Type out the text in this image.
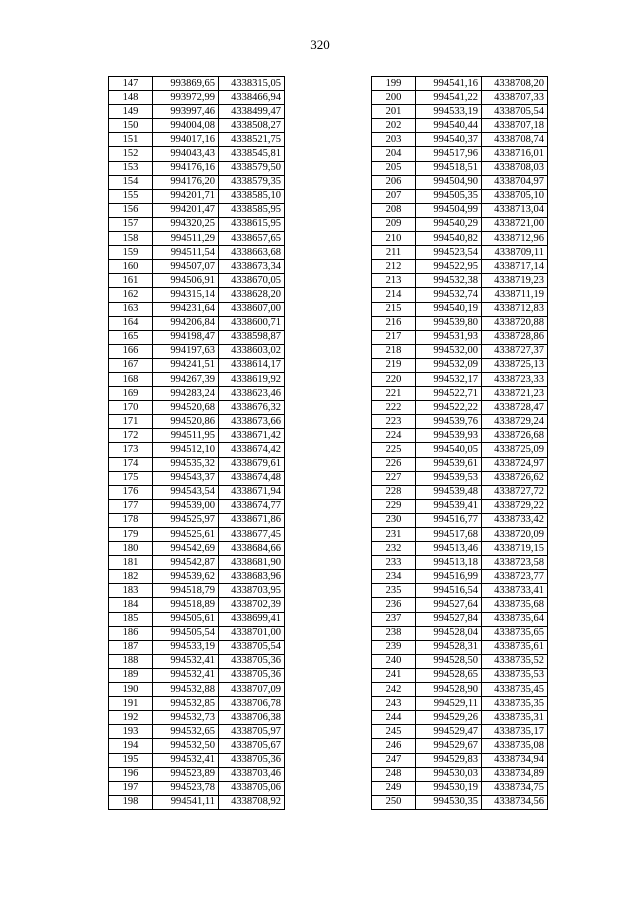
320
147	993869,65	4338315,05
148	993972,99	4338466,94
149	993997,46	4338499,47
150	994004,08	4338508,27
151	994017,16	4338521,75
152	994043,43	4338545,81
153	994176,16	4338579,50
154	994176,20	4338579,35
155	994201,71	4338585,10
156	994201,47	4338585,95
157	994320,25	4338615,95
158	994511,29	4338657,65
159	994511,54	4338663,68
160	994507,07	4338673,34
161	994506,91	4338670,05
162	994315,14	4338628,20
163	994231,64	4338607,00
164	994206,84	4338600,71
165	994198,47	4338598,87
166	994197,63	4338603,02
167	994241,51	4338614,17
168	994267,39	4338619,92
169	994283,24	4338623,46
170	994520,68	4338676,32
171	994520,86	4338673,66
172	994511,95	4338671,42
173	994512,10	4338674,42
174	994535,32	4338679,61
175	994543,37	4338674,48
176	994543,54	4338671,94
177	994539,00	4338674,77
178	994525,97	4338671,86
179	994525,61	4338677,45
180	994542,69	4338684,66
181	994542,87	4338681,90
182	994539,62	4338683,96
183	994518,79	4338703,95
184	994518,89	4338702,39
185	994505,61	4338699,41
186	994505,54	4338701,00
187	994533,19	4338705,54
188	994532,41	4338705,36
189	994532,41	4338705,36
190	994532,88	4338707,09
191	994532,85	4338706,78
192	994532,73	4338706,38
193	994532,65	4338705,97
194	994532,50	4338705,67
195	994532,41	4338705,36
196	994523,89	4338703,46
197	994523,78	4338705,06
198	994541,11	4338708,92
199	994541,16	4338708,20
200	994541,22	4338707,33
201	994533,19	4338705,54
202	994540,44	4338707,18
203	994540,37	4338708,74
204	994517,96	4338716,01
205	994518,51	4338708,03
206	994504,90	4338704,97
207	994505,35	4338705,10
208	994504,99	4338713,04
209	994540,29	4338721,00
210	994540,82	4338712,96
211	994523,54	4338709,11
212	994522,95	4338717,14
213	994532,38	4338719,23
214	994532,74	4338711,19
215	994540,19	4338712,83
216	994539,80	4338720,88
217	994531,93	4338728,86
218	994532,00	4338727,37
219	994532,09	4338725,13
220	994532,17	4338723,33
221	994522,71	4338721,23
222	994522,22	4338728,47
223	994539,76	4338729,24
224	994539,93	4338726,68
225	994540,05	4338725,09
226	994539,61	4338724,97
227	994539,53	4338726,62
228	994539,48	4338727,72
229	994539,41	4338729,22
230	994516,77	4338733,42
231	994517,68	4338720,09
232	994513,46	4338719,15
233	994513,18	4338723,58
234	994516,99	4338723,77
235	994516,54	4338733,41
236	994527,64	4338735,68
237	994527,84	4338735,64
238	994528,04	4338735,65
239	994528,31	4338735,61
240	994528,50	4338735,52
241	994528,65	4338735,53
242	994528,90	4338735,45
243	994529,11	4338735,35
244	994529,26	4338735,31
245	994529,47	4338735,17
246	994529,67	4338735,08
247	994529,83	4338734,94
248	994530,03	4338734,89
249	994530,19	4338734,75
250	994530,35	4338734,56
